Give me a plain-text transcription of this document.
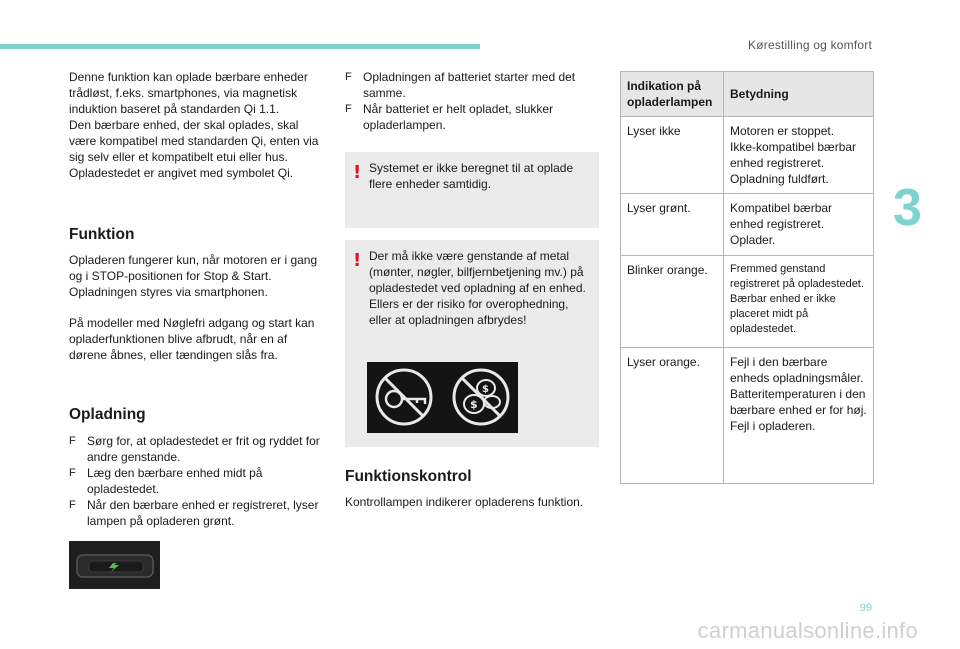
Kørestilling og komfort
3
99
carmanualsonline.info

Denne funktion kan oplade bærbare enheder trådløst, f.eks. smartphones, via magnetisk induktion baseret på standarden Qi 1.1.

Den bærbare enhed, der skal oplades, skal være kompatibel med standarden Qi, enten via sig selv eller et kompatibelt etui eller hus.

Opladestedet er angivet med symbolet Qi.

Funktion
Opladeren fungerer kun, når motoren er i gang og i STOP-positionen for Stop & Start. Opladningen styres via smartphonen.
På modeller med Nøglefri adgang og start kan opladerfunktionen blive afbrudt, når en af dørene åbnes, eller tændingen slås fra.
Opladning
F Sørg for, at opladestedet er frit og ryddet for andre genstande.
F Læg den bærbare enhed midt på opladestedet.
F Når den bærbare enhed er registreret, lyser lampen på opladeren grønt.
F Opladningen af batteriet starter med det samme.
F Når batteriet er helt opladet, slukker opladerlampen.
! Systemet er ikke beregnet til at oplade flere enheder samtidig.
! Der må ikke være genstande af metal (mønter, nøgler, bilfjernbetjening mv.) på opladestedet ved opladning af en enhed. Ellers er der risiko for overophedning, eller at opladningen afbrydes!
$
$
Funktionskontrol
Kontrollampen indikerer opladerens funktion.
Indikation på opladerlampen	Betydning
Lyser ikke	Motoren er stoppet.
Ikke-kompatibel bærbar enhed registreret.
Opladning fuldført.

Lyser grønt.	Kompatibel bærbar enhed registreret.
Oplader.

Blinker orange.	Fremmed genstand registreret på opladestedet.
Bærbar enhed er ikke placeret midt på opladestedet.

Lyser orange.	Fejl i den bærbare enheds opladningsmåler.
Batteritemperaturen i den bærbare enhed er for høj.
Fejl i opladeren.
